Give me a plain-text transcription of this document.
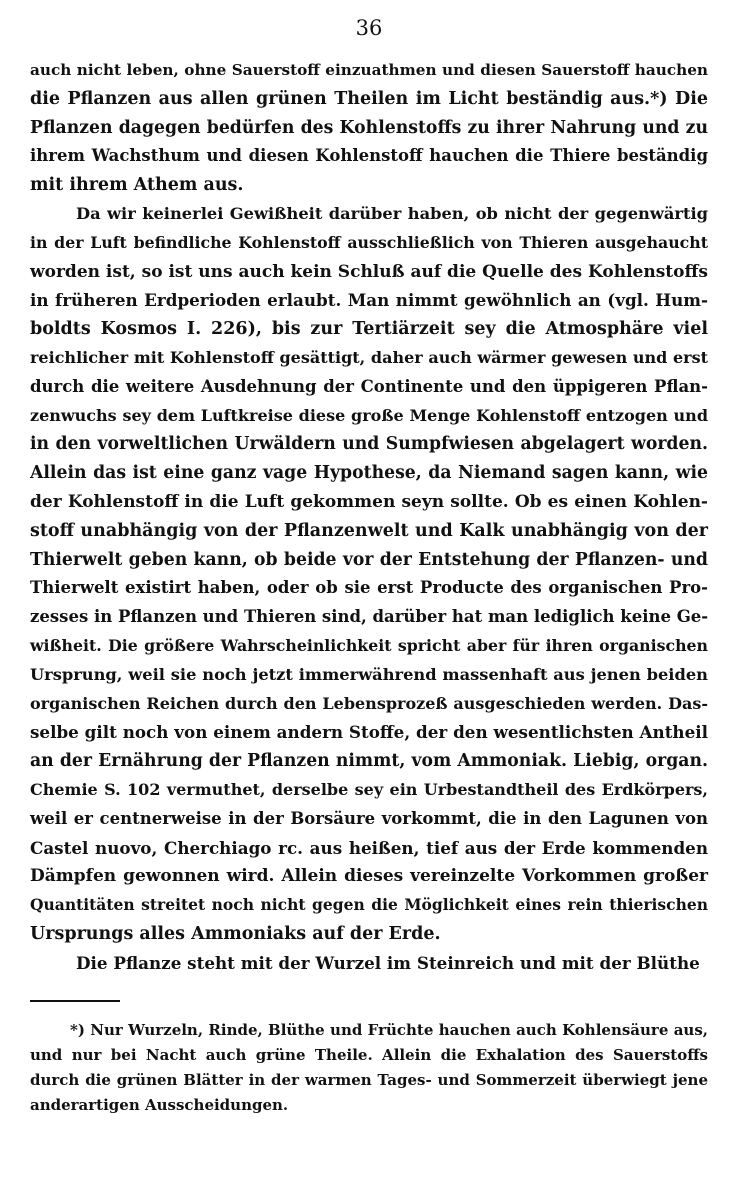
36
auch nicht leben, ohne Sauerstoff einzuathmen und diesen Sauerstoff hauchen
die Pflanzen aus allen grünen Theilen im Licht beständig aus.*) Die
Pflanzen dagegen bedürfen des Kohlenstoffs zu ihrer Nahrung und zu
ihrem Wachsthum und diesen Kohlenstoff hauchen die Thiere beständig
mit ihrem Athem aus.
Da wir keinerlei Gewißheit darüber haben, ob nicht der gegenwärtig
in der Luft befindliche Kohlenstoff ausschließlich von Thieren ausgehaucht
worden ist, so ist uns auch kein Schluß auf die Quelle des Kohlenstoffs
in früheren Erdperioden erlaubt. Man nimmt gewöhnlich an (vgl. Hum-
boldts Kosmos I. 226), bis zur Tertiärzeit sey die Atmosphäre viel
reichlicher mit Kohlenstoff gesättigt, daher auch wärmer gewesen und erst
durch die weitere Ausdehnung der Continente und den üppigeren Pflan-
zenwuchs sey dem Luftkreise diese große Menge Kohlenstoff entzogen und
in den vorweltlichen Urwäldern und Sumpfwiesen abgelagert worden.
Allein das ist eine ganz vage Hypothese, da Niemand sagen kann, wie
der Kohlenstoff in die Luft gekommen seyn sollte. Ob es einen Kohlen-
stoff unabhängig von der Pflanzenwelt und Kalk unabhängig von der
Thierwelt geben kann, ob beide vor der Entstehung der Pflanzen- und
Thierwelt existirt haben, oder ob sie erst Producte des organischen Pro-
zesses in Pflanzen und Thieren sind, darüber hat man lediglich keine Ge-
wißheit. Die größere Wahrscheinlichkeit spricht aber für ihren organischen
Ursprung, weil sie noch jetzt immerwährend massenhaft aus jenen beiden
organischen Reichen durch den Lebensprozeß ausgeschieden werden. Das-
selbe gilt noch von einem andern Stoffe, der den wesentlichsten Antheil
an der Ernährung der Pflanzen nimmt, vom Ammoniak. Liebig, organ.
Chemie S. 102 vermuthet, derselbe sey ein Urbestandtheil des Erdkörpers,
weil er centnerweise in der Borsäure vorkommt, die in den Lagunen von
Castel nuovo, Cherchiago rc. aus heißen, tief aus der Erde kommenden
Dämpfen gewonnen wird. Allein dieses vereinzelte Vorkommen großer
Quantitäten streitet noch nicht gegen die Möglichkeit eines rein thierischen
Ursprungs alles Ammoniaks auf der Erde.
Die Pflanze steht mit der Wurzel im Steinreich und mit der Blüthe
*) Nur Wurzeln, Rinde, Blüthe und Früchte hauchen auch Kohlensäure aus,
und nur bei Nacht auch grüne Theile. Allein die Exhalation des Sauerstoffs
durch die grünen Blätter in der warmen Tages- und Sommerzeit überwiegt jene
anderartigen Ausscheidungen.
